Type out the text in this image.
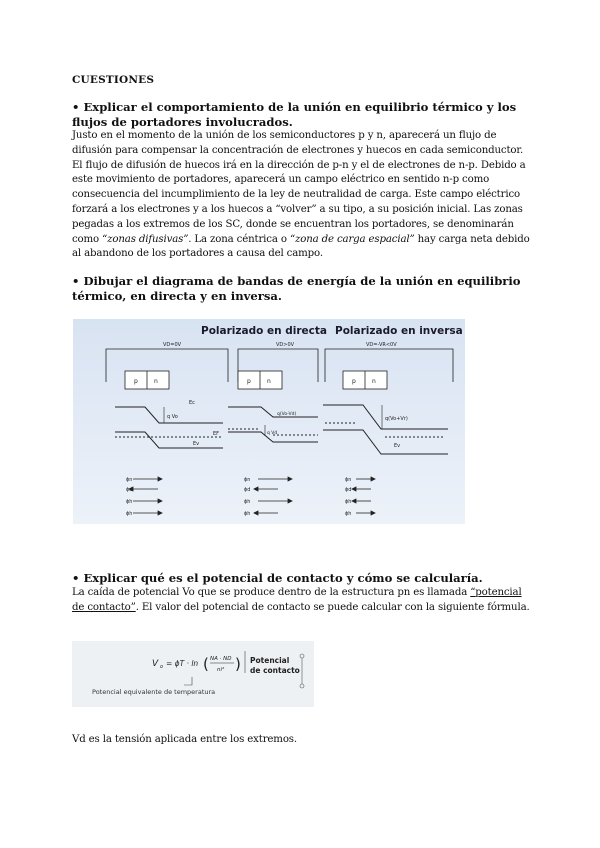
CUESTIONES
• Explicar el comportamiento de la unión en equilibrio térmico y los flujos de portadores involucrados.
Justo en el momento de la unión de los semiconductores p y n, aparecerá un flujo de difusión para compensar la concentración de electrones y huecos en cada semiconductor. El flujo de difusión de huecos irá en la dirección de p-n y el de electrones de n-p. Debido a este movimiento de portadores, aparecerá un campo eléctrico en sentido n-p como consecuencia del incumplimiento de la ley de neutralidad de carga. Este campo eléctrico forzará a los electrones y a los huecos a “volver” a su tipo, a su posición inicial. Las zonas pegadas a los extremos de los SC, donde se encuentran los portadores, se denominarán como “zonas difusivas”. La zona céntrica o “zona de carga espacial” hay carga neta debido al abandono de los portadores a causa del campo.
• Dibujar el diagrama de bandas de energía de la unión en equilibrio térmico, en directa y en inversa.
Polarizado en directa Polarizado en inversa
VD=0V
p	n
VD>0V
p	n
VD=-VR<0V
p	n
Ec
q Vo
EF
Ev
q(Vo-Vd)
q Vd
q(Vo+Vr)
Ev
ϕn
ϕd
ϕh
ϕh
ϕn
ϕd
ϕh
ϕh
ϕn
ϕd
ϕh
ϕh
• Explicar qué es el potencial de contacto y cómo se calcularía.
La caída de potencial Vo que se produce dentro de la estructura pn es llamada “potencial de contacto”. El valor del potencial de contacto se puede calcular con la siguiente fórmula.
V o = ϕT · ln ( NA · ND
ni² ) Potencial
de contacto
Potencial equivalente de temperatura
Vd es la tensión aplicada entre los extremos.
